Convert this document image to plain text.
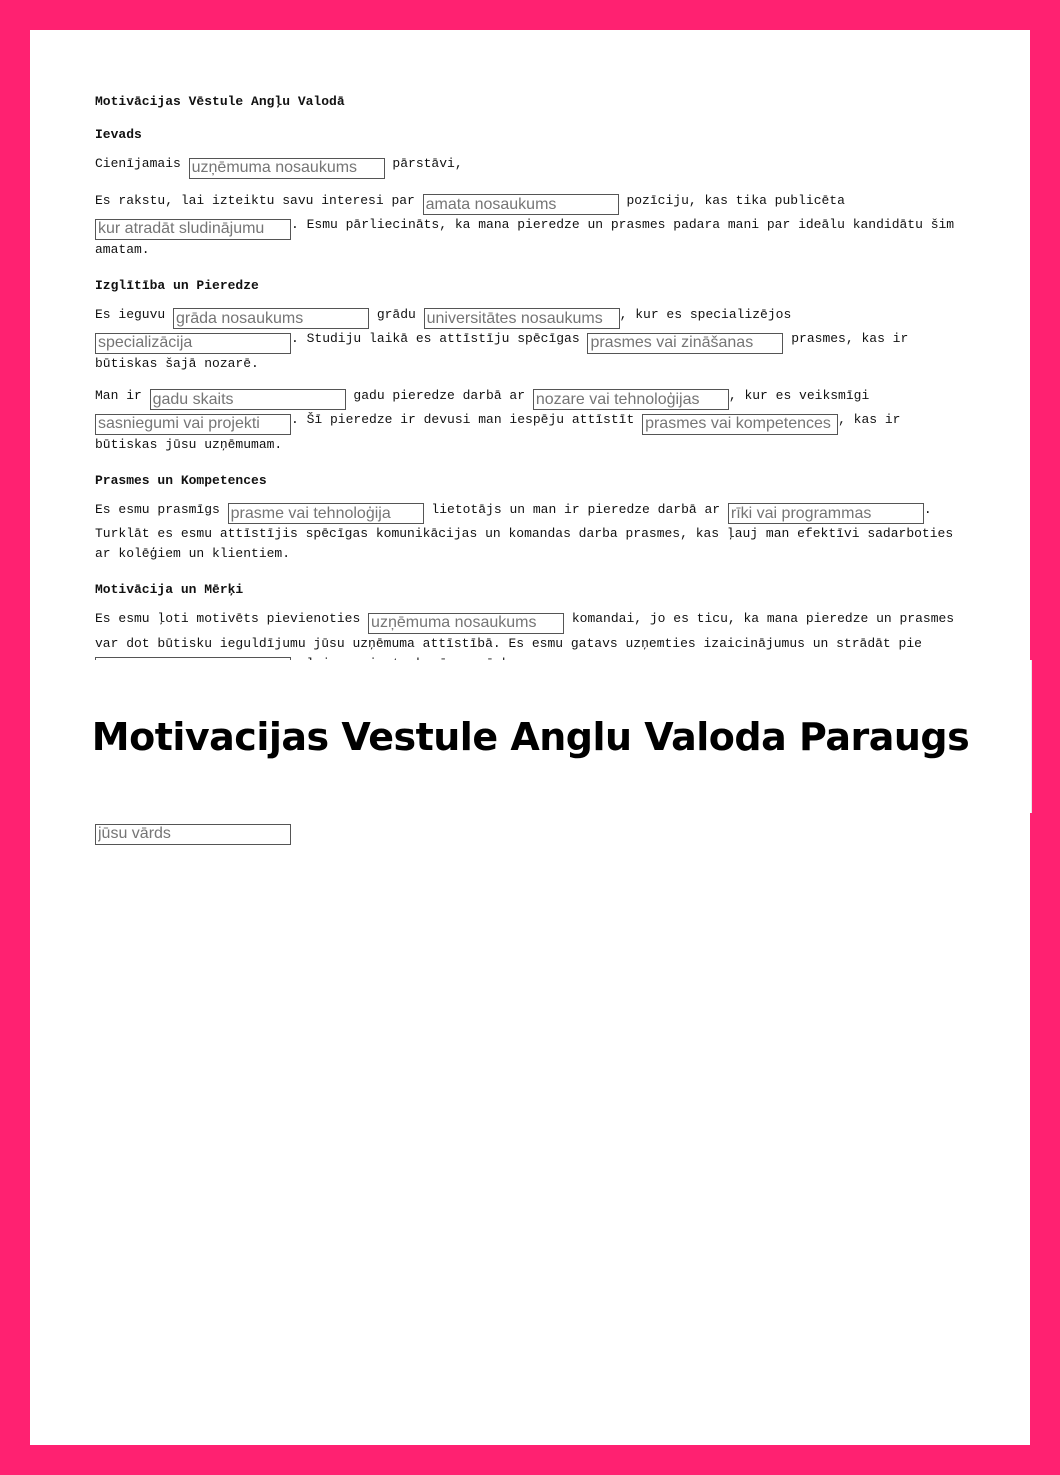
Motivācijas Vēstule Angļu Valodā
Ievads

Cienījamais uzņēmuma nosaukums	pārstāvi,

Es rakstu, lai izteiktu savu interesi par amata nosaukums	pozīciju, kas tika publicēta kur atradāt sludinājumu. Esmu pārliecināts, ka mana pieredze un prasmes padara mani par ideālu kandidātu šim amatam.

Izglītība un Pieredze

Es ieguvu grāda nosaukums	grādu universitātes nosaukums	, kur es specializējos specializācija. Studiju laikā es attīstīju spēcīgas prasmes vai zināšanas	prasmes, kas ir būtiskas šajā nozarē.

Man ir gadu skaits	gadu pieredze darbā ar nozare vai tehnoloģijas	, kur es veiksmīgi sasniegumi vai projekti. Šī pieredze ir devusi man iespēju attīstīt prasmes vai kompetences	, kas ir būtiskas jūsu uzņēmumam.

Prasmes un Kompetences

Es esmu prasmīgs prasme vai tehnoloģija	lietotājs un man ir pieredze darbā ar rīki vai programmas	. Turklāt es esmu attīstījis spēcīgas komunikācijas un komandas darba prasmes, kas ļauj man efektīvi sadarboties ar kolēģiem un klientiem.

Motivācija un Mērķi

Es esmu ļoti motivēts pievienoties uzņēmuma nosaukums	komandai, jo es ticu, ka mana pieredze un prasmes var dot būtisku ieguldījumu jūsu uzņēmuma attīstībā. Es esmu gatavs uzņemties izaicinājumus un strādāt pie projekti vai mērķi

Motivacijas Vestule Anglu Valoda Paraugs
jūsu vārds
